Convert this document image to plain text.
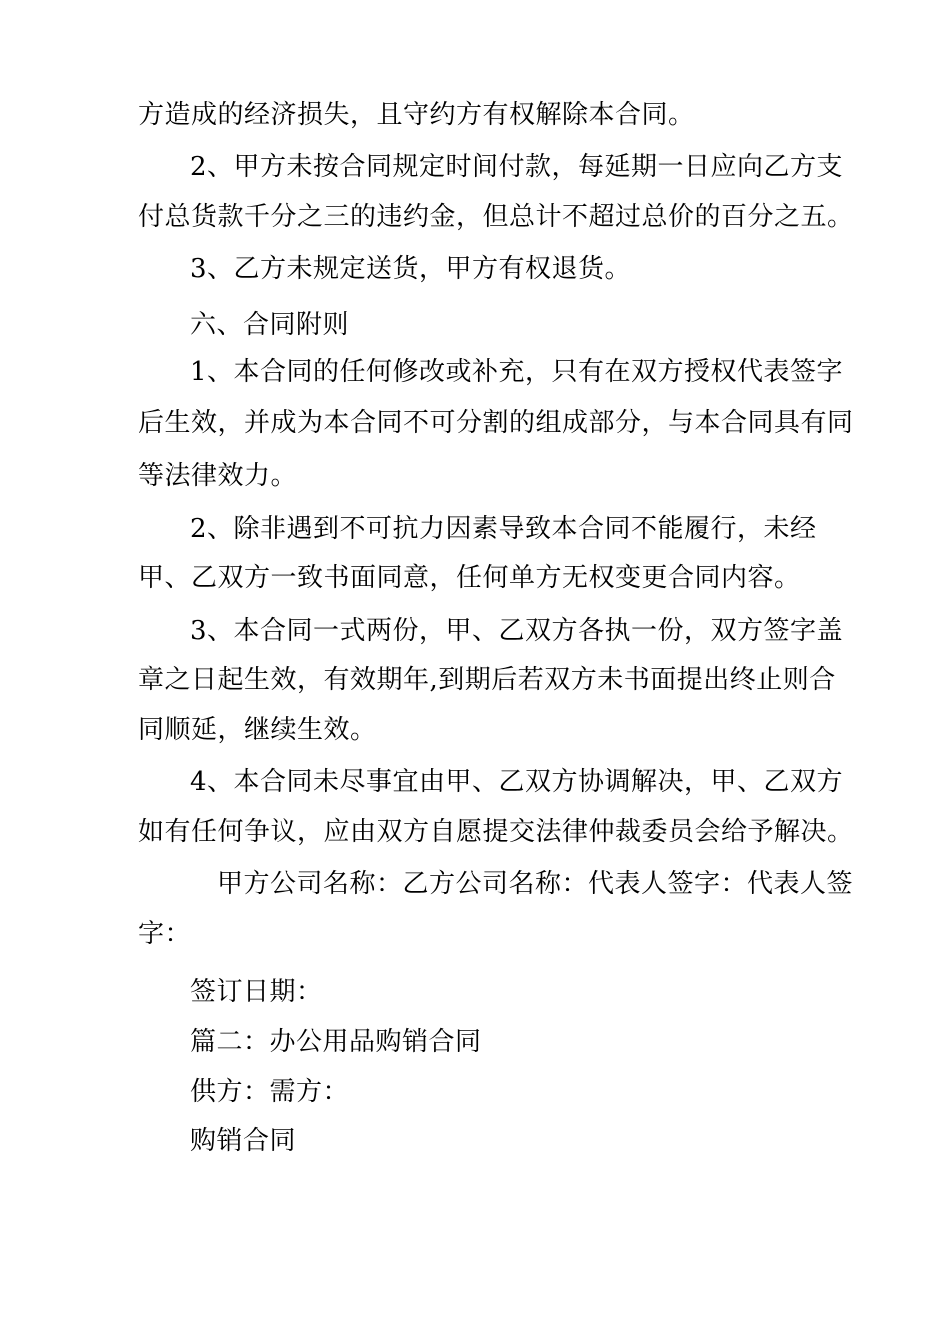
方造成的经济损失，且守约方有权解除本合同。
2、甲方未按合同规定时间付款，每延期一日应向乙方支
付总货款千分之三的违约金，但总计不超过总价的百分之五。
3、乙方未规定送货，甲方有权退货。
六、合同附则
1、本合同的任何修改或补充，只有在双方授权代表签字
后生效，并成为本合同不可分割的组成部分，与本合同具有同
等法律效力。
2、除非遇到不可抗力因素导致本合同不能履行，未经
甲、乙双方一致书面同意，任何单方无权变更合同内容。
3、本合同一式两份，甲、乙双方各执一份，双方签字盖
章之日起生效，有效期年,到期后若双方未书面提出终止则合
同顺延，继续生效。
4、本合同未尽事宜由甲、乙双方协调解决，甲、乙双方
如有任何争议，应由双方自愿提交法律仲裁委员会给予解决。
甲方公司名称：乙方公司名称：代表人签字：代表人签
字：
签订日期：
篇二：办公用品购销合同
供方：需方：
购销合同
